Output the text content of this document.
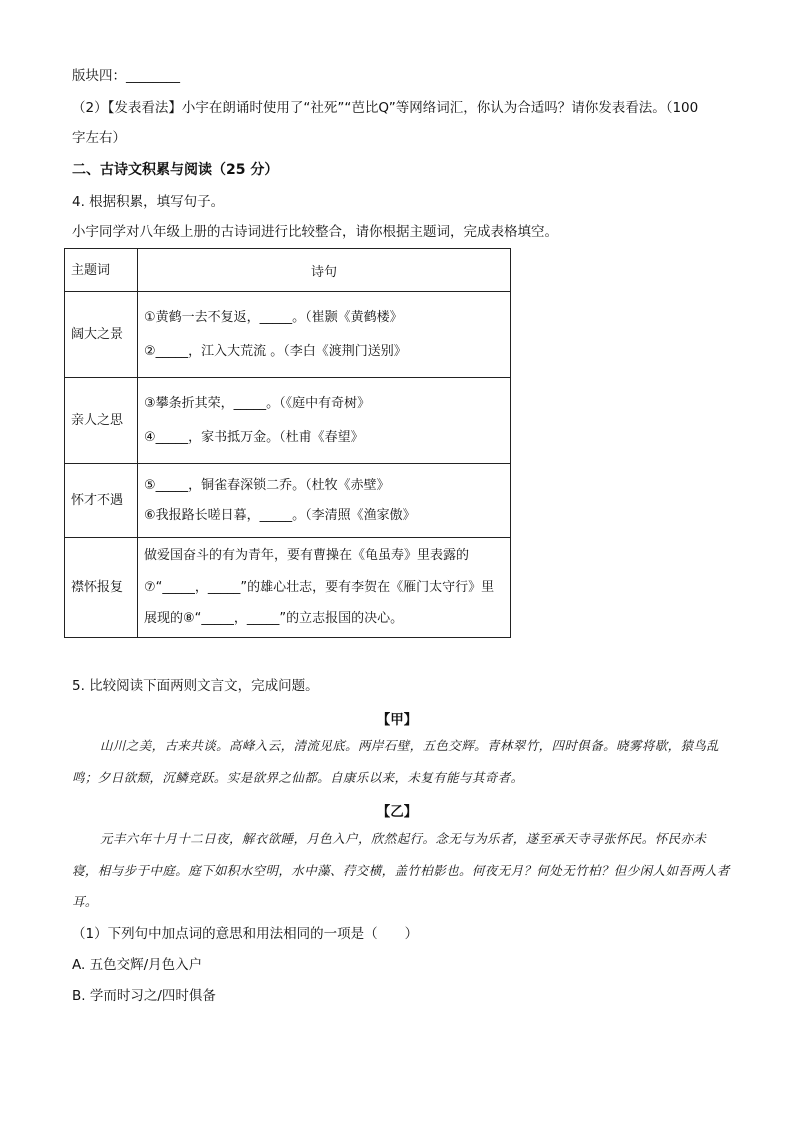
版块四：________
（2）【发表看法】小宇在朗诵时使用了“社死”“芭比Q”等网络词汇，你认为合适吗？请你发表看法。（100
字左右）
二、古诗文积累与阅读（25 分）
4. 根据积累，填写句子。
小宇同学对八年级上册的古诗词进行比较整合，请你根据主题词，完成表格填空。
主题词	诗句
阔大之景	①黄鹤一去不复返，_____。（崔颢《黄鹤楼》
②_____，江入大荒流 。（李白《渡荆门送别》

亲人之思	③攀条折其荣，_____。（《庭中有奇树》
④_____，家书抵万金。（杜甫《春望》

怀才不遇	⑤_____，铜雀春深锁二乔。（杜牧《赤壁》
⑥我报路长嗟日暮，_____。（李清照《渔家傲》

襟怀报复	做爱国奋斗的有为青年，要有曹操在《龟虽寿》里表露的⑦“_____，_____”的雄心壮志，要有李贺在《雁门太守行》里展现的⑧“_____，_____”的立志报国的决心。
5. 比较阅读下面两则文言文，完成问题。
【甲】

山川之美，古来共谈。高峰入云，清流见底。两岸石壁，五色交辉。青林翠竹，四时俱备。晓雾将歇，猿鸟乱鸣；夕日欲颓，沉鳞竞跃。实是欲界之仙都。自康乐以来，未复有能与其奇者。

【乙】

元丰六年十月十二日夜，解衣欲睡，月色入户，欣然起行。念无与为乐者，遂至承天寺寻张怀民。怀民亦未寝，相与步于中庭。庭下如积水空明，水中藻、荇交横，盖竹柏影也。何夜无月？何处无竹柏？但少闲人如吾两人者耳。

（1）下列句中加点词的意思和用法相同的一项是（　　）
A. 五色交辉/月色入户
B. 学而时习之/四时俱备
